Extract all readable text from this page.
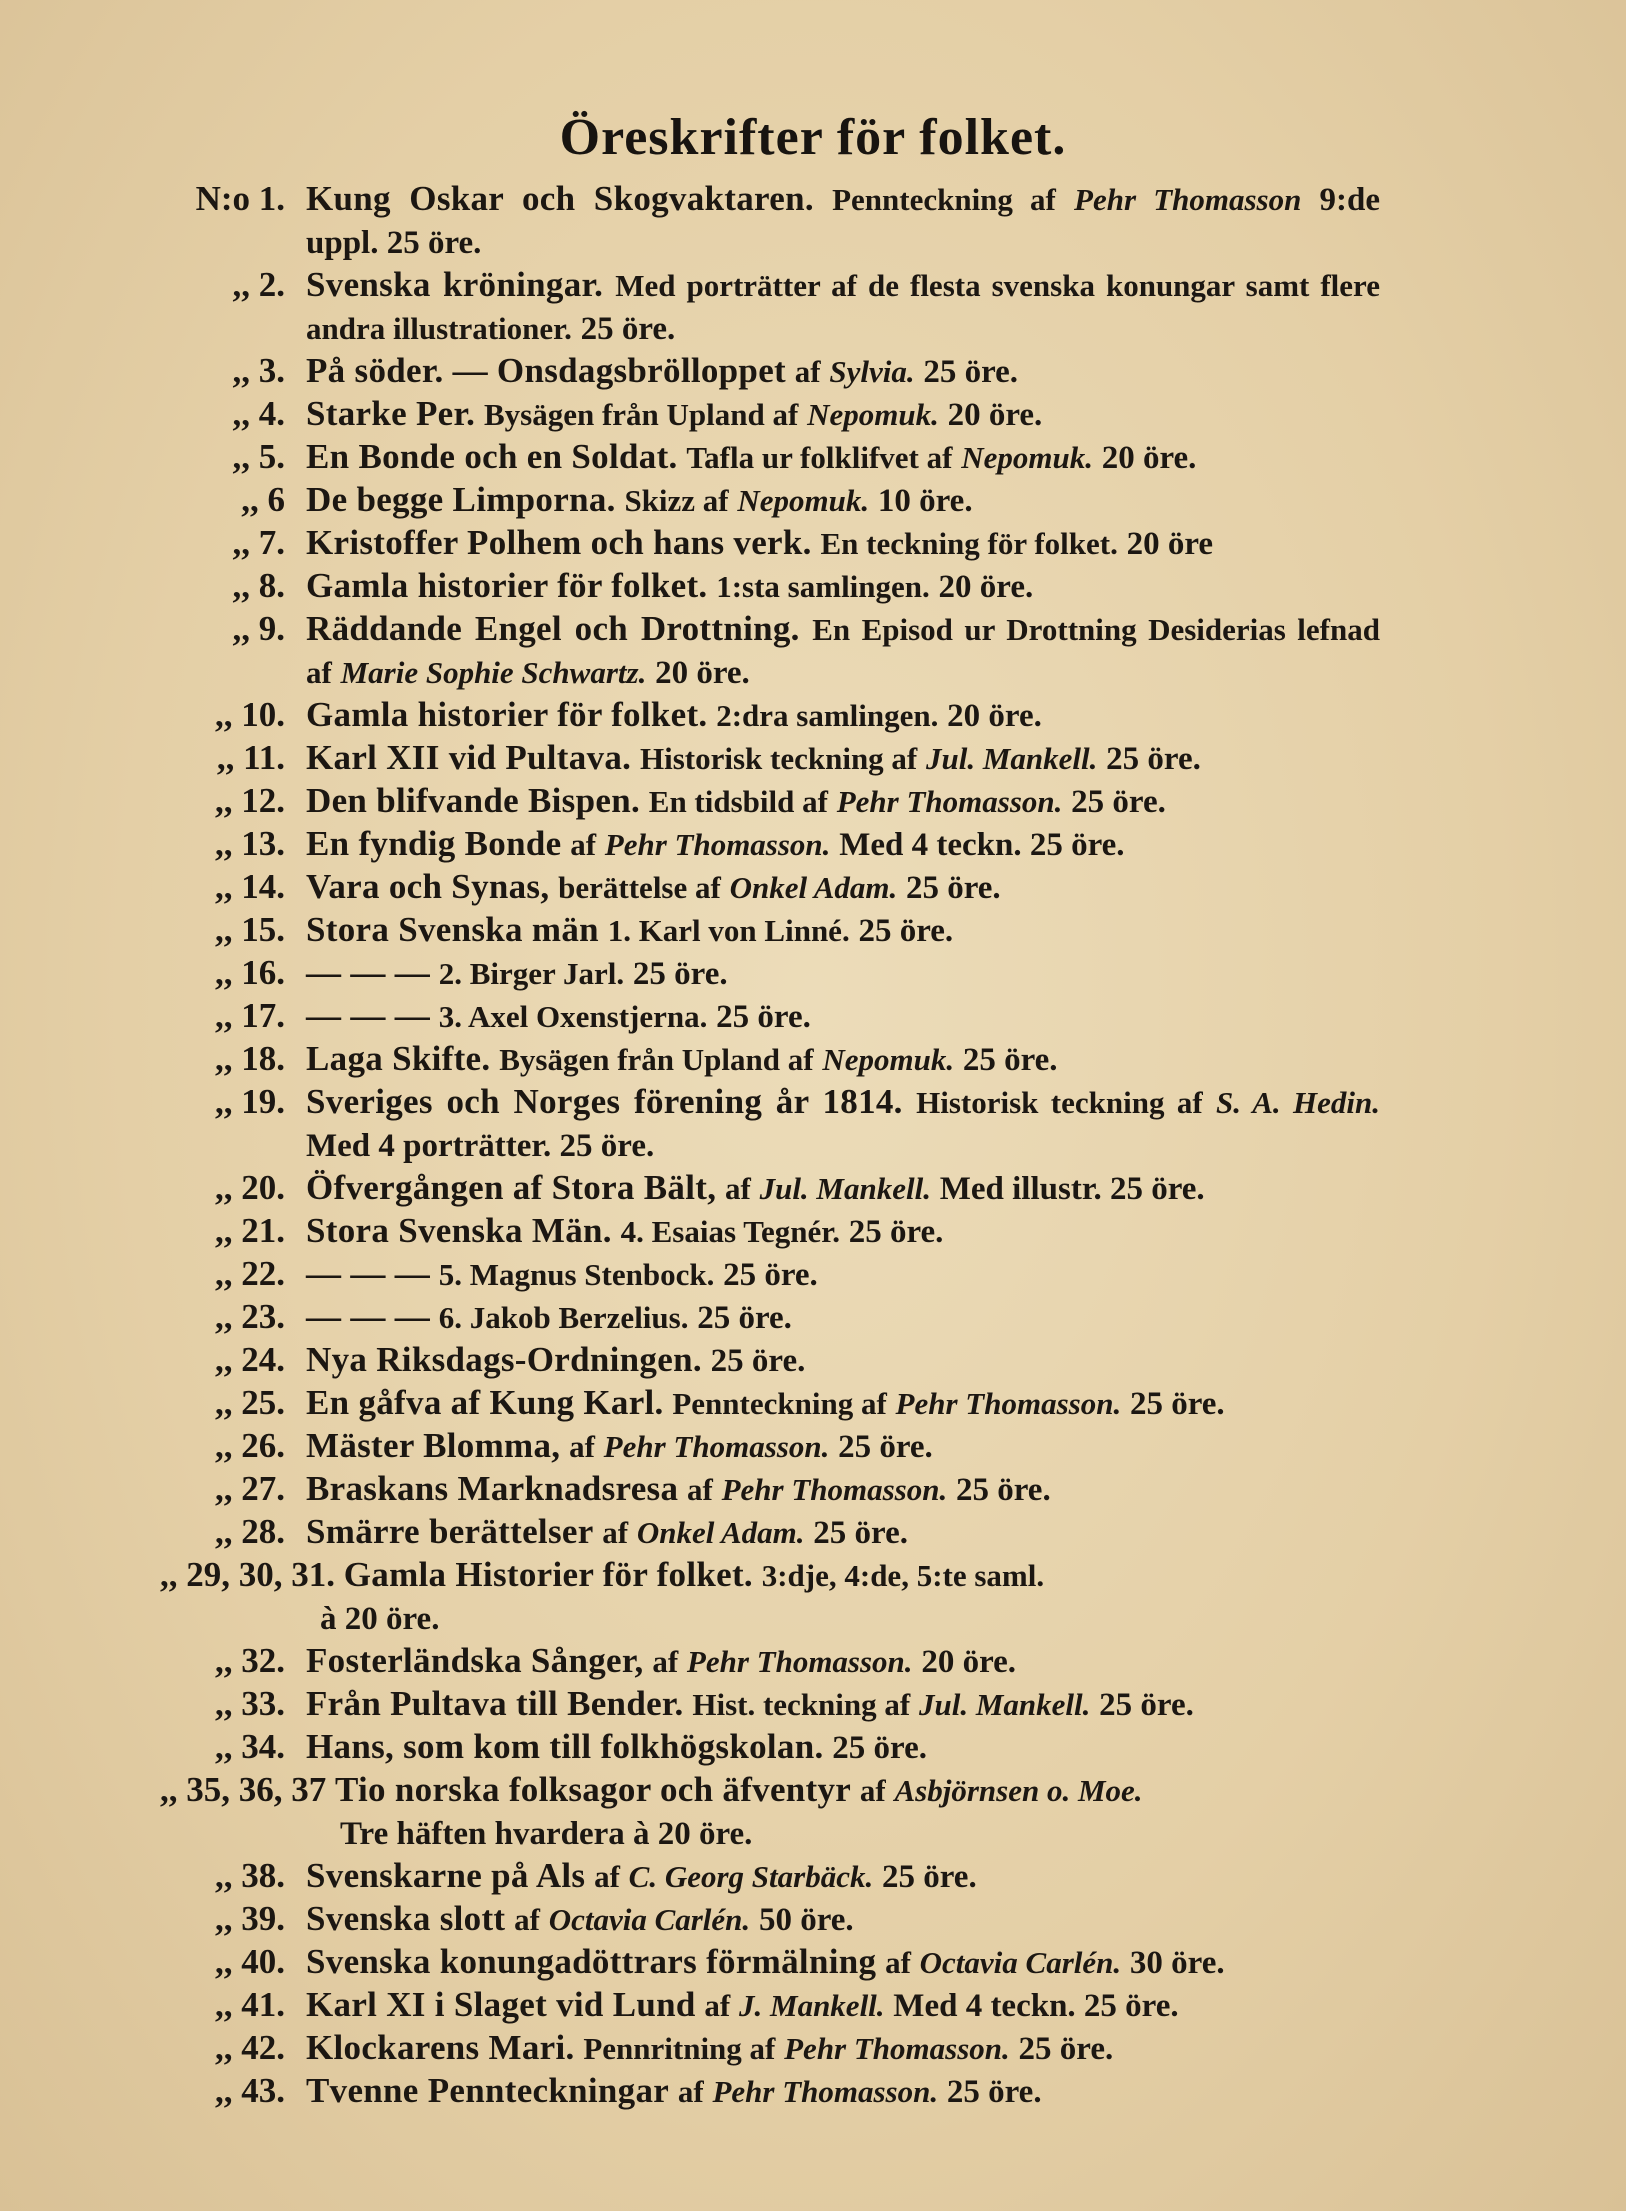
Öreskrifter för folket.
N:o 1. Kung Oskar och Skogvaktaren. Pennteckning af Pehr Thomasson 9:de uppl. 25 öre.
,, 2. Svenska kröningar. Med porträtter af de flesta svenska konungar samt flere andra illustrationer. 25 öre.
,, 3. På söder. — Onsdagsbrölloppet af Sylvia. 25 öre.
,, 4. Starke Per. Bysägen från Upland af Nepomuk. 20 öre.
,, 5. En Bonde och en Soldat. Tafla ur folklifvet af Nepomuk. 20 öre.
,, 6 De begge Limporna. Skizz af Nepomuk. 10 öre.
,, 7. Kristoffer Polhem och hans verk. En teckning för folket. 20 öre
,, 8. Gamla historier för folket. 1:sta samlingen. 20 öre.
,, 9. Räddande Engel och Drottning. En Episod ur Drottning Desiderias lefnad af Marie Sophie Schwartz. 20 öre.
,, 10. Gamla historier för folket. 2:dra samlingen. 20 öre.
,, 11. Karl XII vid Pultava. Historisk teckning af Jul. Mankell. 25 öre.
,, 12. Den blifvande Bispen. En tidsbild af Pehr Thomasson. 25 öre.
,, 13. En fyndig Bonde af Pehr Thomasson. Med 4 teckn. 25 öre.
,, 14. Vara och Synas, berättelse af Onkel Adam. 25 öre.
,, 15. Stora Svenska män 1. Karl von Linné. 25 öre.
,, 16. — — — 2. Birger Jarl. 25 öre.
,, 17. — — — 3. Axel Oxenstjerna. 25 öre.
,, 18. Laga Skifte. Bysägen från Upland af Nepomuk. 25 öre.
,, 19. Sveriges och Norges förening år 1814. Historisk teckning af S. A. Hedin. Med 4 porträtter. 25 öre.
,, 20. Öfvergången af Stora Bält, af Jul. Mankell. Med illustr. 25 öre.
,, 21. Stora Svenska Män. 4. Esaias Tegnér. 25 öre.
,, 22. — — — 5. Magnus Stenbock. 25 öre.
,, 23. — — — 6. Jakob Berzelius. 25 öre.
,, 24. Nya Riksdags-Ordningen. 25 öre.
,, 25. En gåfva af Kung Karl. Pennteckning af Pehr Thomasson. 25 öre.
,, 26. Mäster Blomma, af Pehr Thomasson. 25 öre.
,, 27. Braskans Marknadsresa af Pehr Thomasson. 25 öre.
,, 28. Smärre berättelser af Onkel Adam. 25 öre.
,, 29, 30, 31. Gamla Historier för folket. 3:dje, 4:de, 5:te saml.
à 20 öre.
,, 32. Fosterländska Sånger, af Pehr Thomasson. 20 öre.
,, 33. Från Pultava till Bender. Hist. teckning af Jul. Mankell. 25 öre.
,, 34. Hans, som kom till folkhögskolan. 25 öre.
,, 35, 36, 37 Tio norska folksagor och äfventyr af Asbjörnsen o. Moe.
Tre häften hvardera à 20 öre.
,, 38. Svenskarne på Als af C. Georg Starbäck. 25 öre.
,, 39. Svenska slott af Octavia Carlén. 50 öre.
,, 40. Svenska konungadöttrars förmälning af Octavia Carlén. 30 öre.
,, 41. Karl XI i Slaget vid Lund af J. Mankell. Med 4 teckn. 25 öre.
,, 42. Klockarens Mari. Pennritning af Pehr Thomasson. 25 öre.
,, 43. Tvenne Pennteckningar af Pehr Thomasson. 25 öre.
